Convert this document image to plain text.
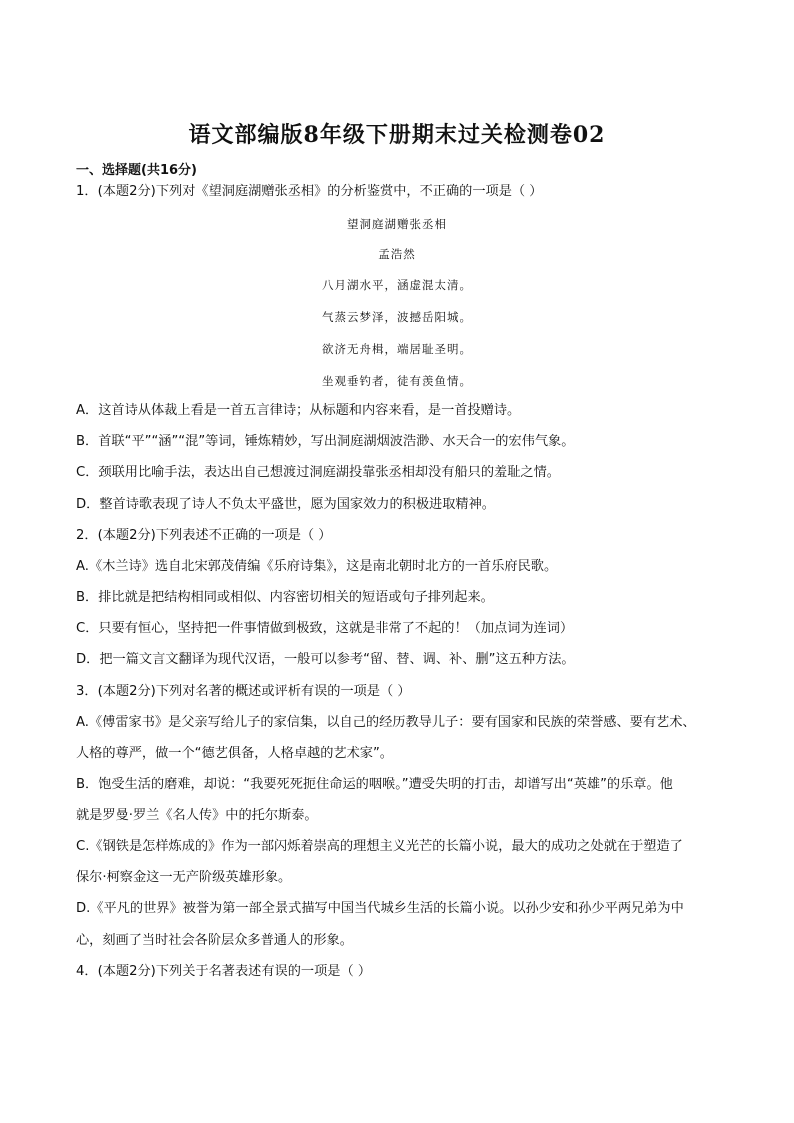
语文部编版8年级下册期末过关检测卷02
一、选择题(共16分)
1．(本题2分)下列对《望洞庭湖赠张丞相》的分析鉴赏中，不正确的一项是（ ）
望洞庭湖赠张丞相
孟浩然
八月湖水平，涵虚混太清。
气蒸云梦泽，波撼岳阳城。
欲济无舟楫，端居耻圣明。
坐观垂钓者，徒有羡鱼情。
A．这首诗从体裁上看是一首五言律诗；从标题和内容来看，是一首投赠诗。
B．首联“平”“涵”“混”等词，锤炼精妙，写出洞庭湖烟波浩渺、水天合一的宏伟气象。
C．颈联用比喻手法，表达出自己想渡过洞庭湖投靠张丞相却没有船只的羞耻之情。
D．整首诗歌表现了诗人不负太平盛世，愿为国家效力的积极进取精神。
2．(本题2分)下列表述不正确的一项是（ ）
A.《木兰诗》选自北宋郭茂倩编《乐府诗集》，这是南北朝时北方的一首乐府民歌。
B．排比就是把结构相同或相似、内容密切相关的短语或句子排列起来。
C．只要有恒心，坚持把一件事情做到极致，这就是非常了不起的！（加点词为连词）
D．把一篇文言文翻译为现代汉语，一般可以参考“留、替、调、补、删”这五种方法。
3．(本题2分)下列对名著的概述或评析有误的一项是（ ）
A.《傅雷家书》是父亲写给儿子的家信集，以自己的经历教导儿子：要有国家和民族的荣誉感、要有艺术、
人格的尊严，做一个“德艺俱备，人格卓越的艺术家”。
B．饱受生活的磨难，却说：“我要死死扼住命运的咽喉。”遭受失明的打击，却谱写出“英雄”的乐章。他
就是罗曼·罗兰《名人传》中的托尔斯泰。
C.《钢铁是怎样炼成的》作为一部闪烁着崇高的理想主义光芒的长篇小说，最大的成功之处就在于塑造了
保尔·柯察金这一无产阶级英雄形象。
D.《平凡的世界》被誉为第一部全景式描写中国当代城乡生活的长篇小说。以孙少安和孙少平两兄弟为中
心，刻画了当时社会各阶层众多普通人的形象。
4．(本题2分)下列关于名著表述有误的一项是（ ）
